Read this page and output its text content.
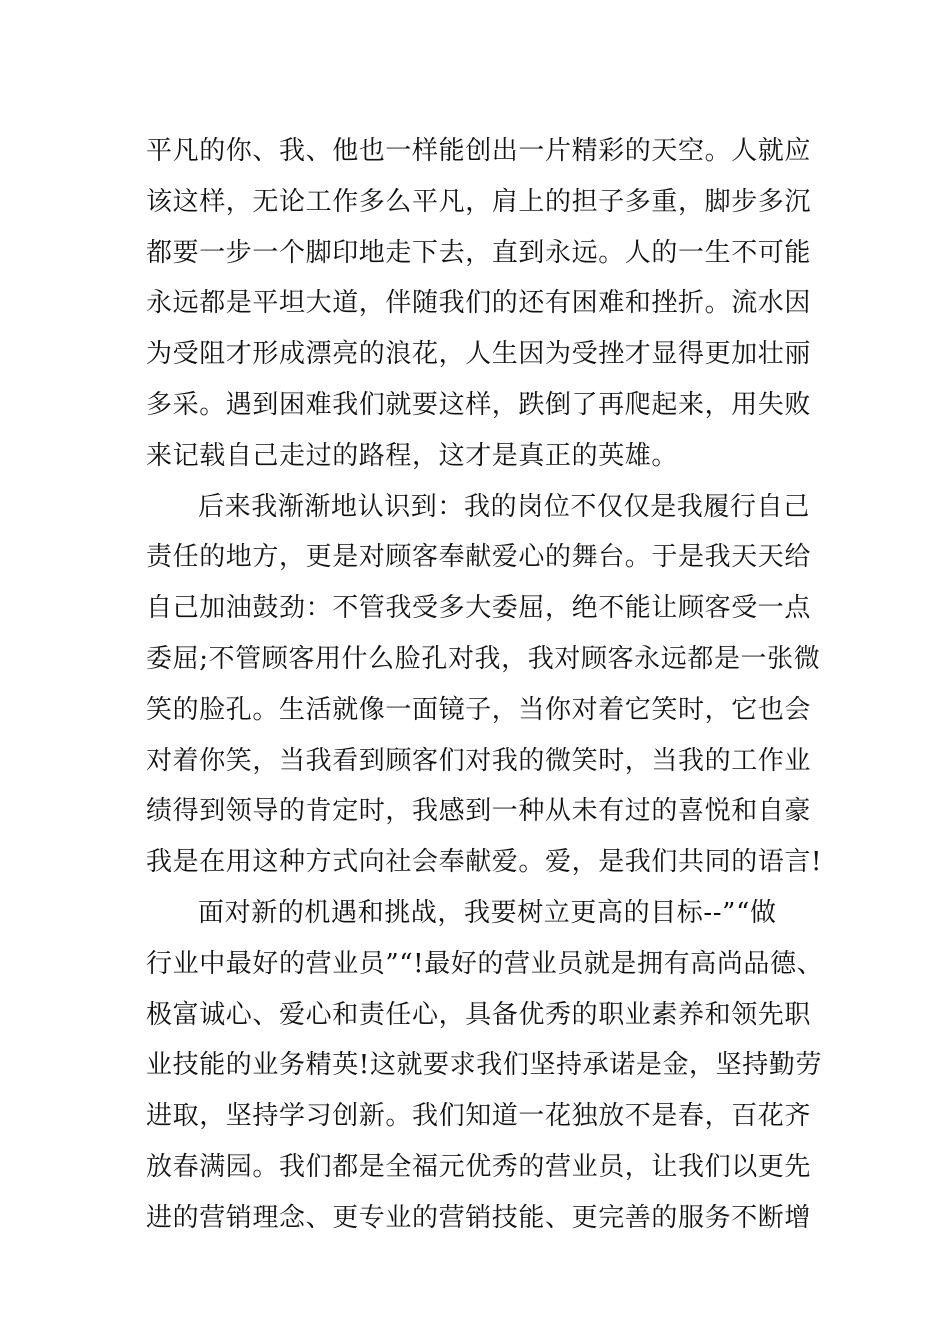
平凡的你、我、他也一样能创出一片精彩的天空。人就应
该这样，无论工作多么平凡，肩上的担子多重，脚步多沉
都要一步一个脚印地走下去，直到永远。人的一生不可能
永远都是平坦大道，伴随我们的还有困难和挫折。流水因
为受阻才形成漂亮的浪花，人生因为受挫才显得更加壮丽
多采。遇到困难我们就要这样，跌倒了再爬起来，用失败
来记载自己走过的路程，这才是真正的英雄。
后来我渐渐地认识到：我的岗位不仅仅是我履行自己
责任的地方，更是对顾客奉献爱心的舞台。于是我天天给
自己加油鼓劲：不管我受多大委屈，绝不能让顾客受一点
委屈;不管顾客用什么脸孔对我，我对顾客永远都是一张微
笑的脸孔。生活就像一面镜子，当你对着它笑时，它也会
对着你笑，当我看到顾客们对我的微笑时，当我的工作业
绩得到领导的肯定时，我感到一种从未有过的喜悦和自豪
我是在用这种方式向社会奉献爱。爱，是我们共同的语言!
面对新的机遇和挑战，我要树立更高的目标--”“做
行业中最好的营业员”“!最好的营业员就是拥有高尚品德、
极富诚心、爱心和责任心，具备优秀的职业素养和领先职
业技能的业务精英!这就要求我们坚持承诺是金，坚持勤劳
进取，坚持学习创新。我们知道一花独放不是春，百花齐
放春满园。我们都是全福元优秀的营业员，让我们以更先
进的营销理念、更专业的营销技能、更完善的服务不断增
